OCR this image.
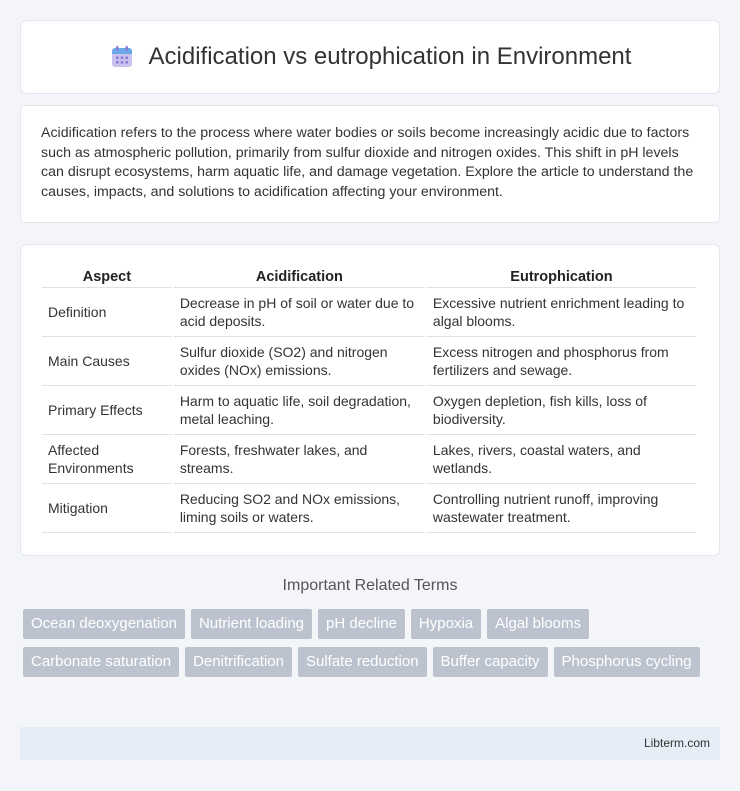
Acidification vs eutrophication in Environment

Acidification refers to the process where water bodies or soils become increasingly acidic due to factors such as atmospheric pollution, primarily from sulfur dioxide and nitrogen oxides. This shift in pH levels can disrupt ecosystems, harm aquatic life, and damage vegetation. Explore the article to understand the causes, impacts, and solutions to acidification affecting your environment.

Aspect	Acidification	Eutrophication
Definition	Decrease in pH of soil or water due to acid deposits.	Excessive nutrient enrichment leading to algal blooms.
Main Causes	Sulfur dioxide (SO2) and nitrogen oxides (NOx) emissions.	Excess nitrogen and phosphorus from fertilizers and sewage.
Primary Effects	Harm to aquatic life, soil degradation, metal leaching.	Oxygen depletion, fish kills, loss of biodiversity.
Affected Environments	Forests, freshwater lakes, and streams.	Lakes, rivers, coastal waters, and wetlands.
Mitigation	Reducing SO2 and NOx emissions, liming soils or waters.	Controlling nutrient runoff, improving wastewater treatment.
Important Related Terms
Ocean deoxygenation	Nutrient loading	pH decline	Hypoxia	Algal blooms
Carbonate saturation	Denitrification	Sulfate reduction	Buffer capacity	Phosphorus cycling
Libterm.com
